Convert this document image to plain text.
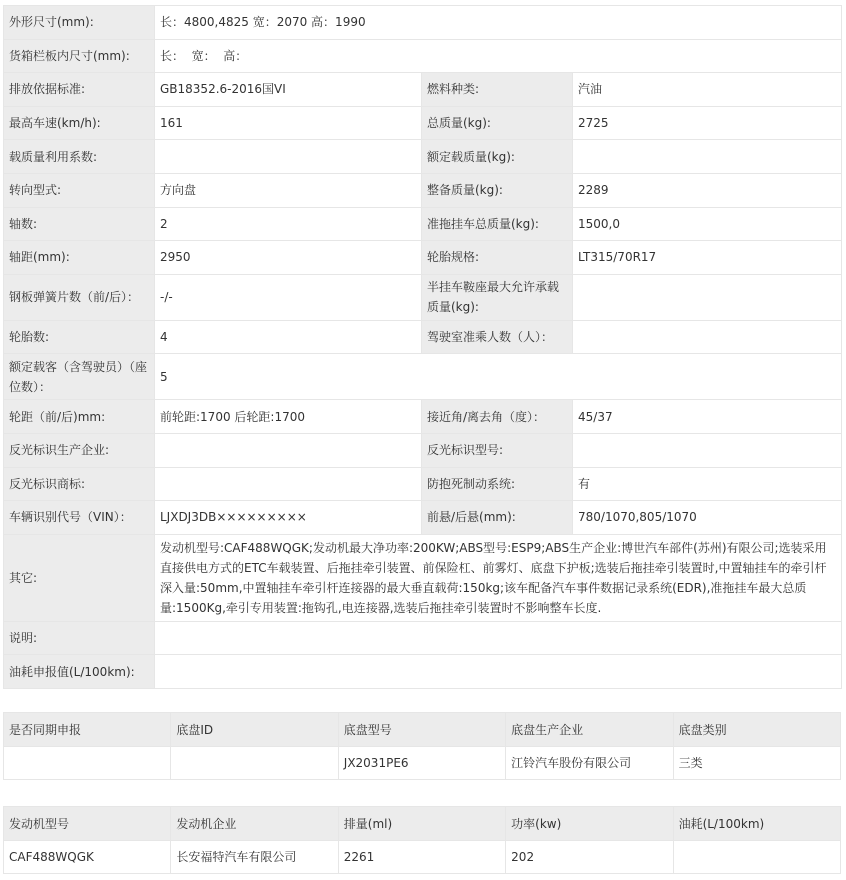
外形尺寸(mm):	长：4800,4825 宽：2070 高：1990		
货箱栏板内尺寸(mm):	长：  宽：  高：		
排放依据标准:	GB18352.6-2016国VI	燃料种类:	汽油
最高车速(km/h):	161	总质量(kg):	2725
载质量利用系数:		额定载质量(kg):	
转向型式:	方向盘	整备质量(kg):	2289
轴数:	2	准拖挂车总质量(kg):	1500,0
轴距(mm):	2950	轮胎规格:	LT315/70R17
钢板弹簧片数（前/后）：	-/-	半挂车鞍座最大允许承载质量(kg):	
轮胎数:	4	驾驶室准乘人数（人）：	
额定载客（含驾驶员）（座位数）：	5		
轮距（前/后)mm:	前轮距:1700 后轮距:1700	接近角/离去角（度）：	45/37
反光标识生产企业:		反光标识型号:	
反光标识商标:		防抱死制动系统:	有
车辆识别代号（VIN）：	LJXDJ3DB×××××××××	前悬/后悬(mm):	780/1070,805/1070
其它:	发动机型号:CAF488WQGK;发动机最大净功率:200KW;ABS型号:ESP9;ABS生产企业:博世汽车部件(苏州)有限公司;选装采用直接供电方式的ETC车载装置、后拖挂牵引装置、前保险杠、前雾灯、底盘下护板;选装后拖挂牵引装置时,中置轴挂车的牵引杆深入量:50mm,中置轴挂车牵引杆连接器的最大垂直载荷:150kg;该车配备汽车事件数据记录系统(EDR),准拖挂车最大总质量:1500Kg,牵引专用装置:拖钩孔,电连接器,选装后拖挂牵引装置时不影响整车长度.		
说明:			
油耗申报值(L/100km):			
是否同期申报	底盘ID	底盘型号	底盘生产企业	底盘类别
		JX2031PE6	江铃汽车股份有限公司	三类
发动机型号	发动机企业	排量(ml)	功率(kw)	油耗(L/100km)
CAF488WQGK	长安福特汽车有限公司	2261	202	
